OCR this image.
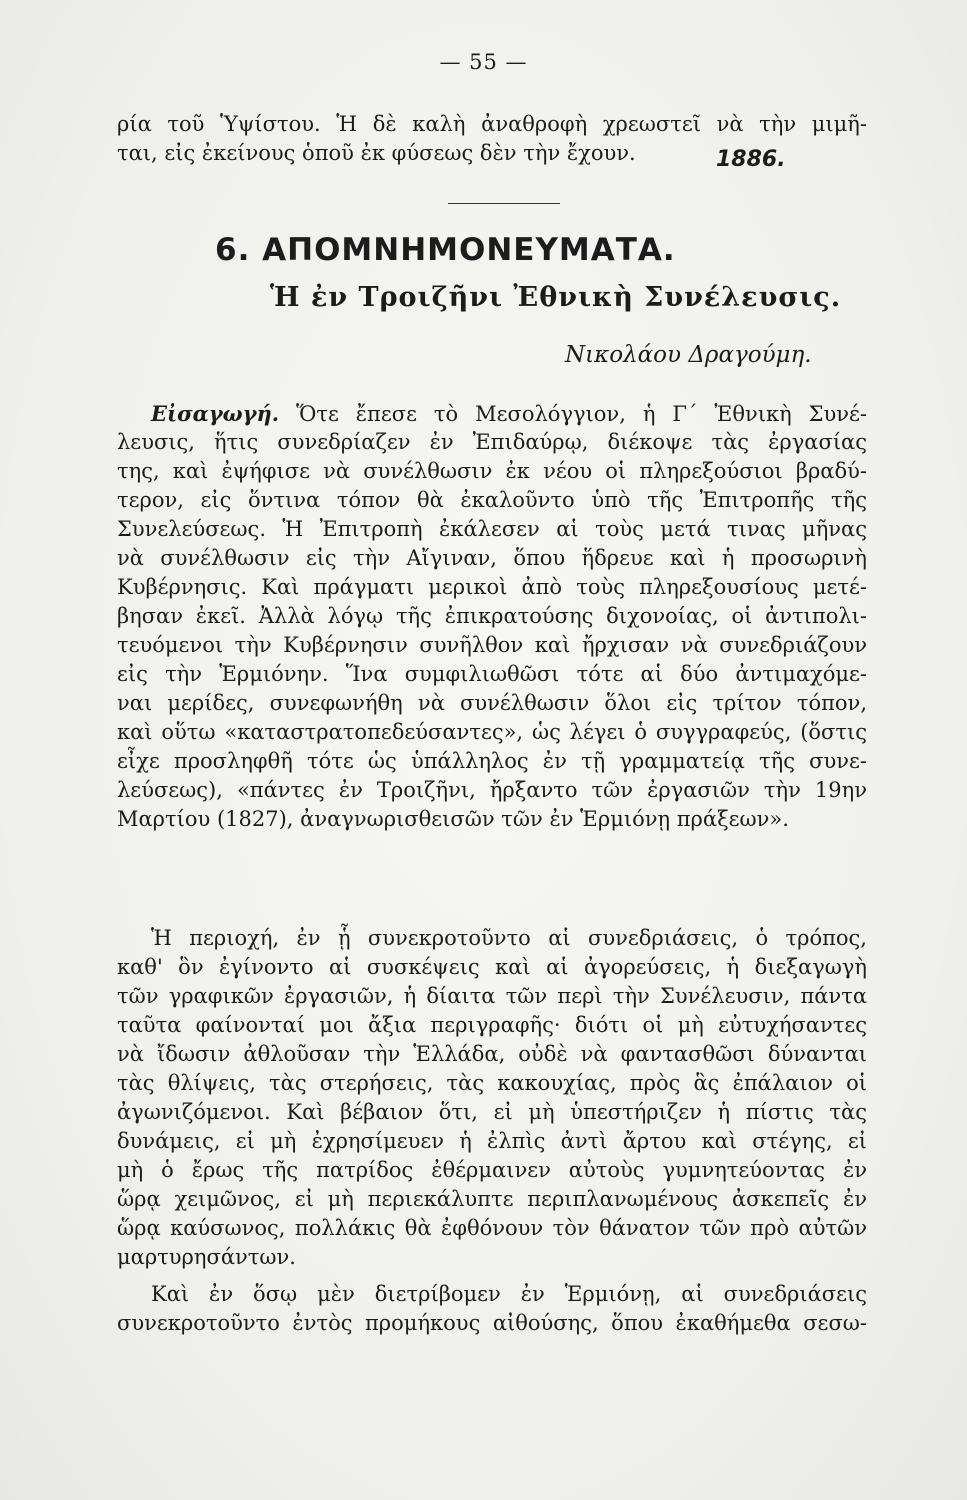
— 55 —
ρία τοῦ Ὑψίστου. Ἡ δὲ καλὴ ἀναθροφὴ χρεωστεῖ νὰ τὴν μιμῆ-
ται, εἰς ἐκείνους ὁποῦ ἐκ φύσεως δὲν τὴν ἔχουν.	1886.
6. ΑΠΟΜΝΗΜΟΝΕΥΜΑΤΑ.
Ἡ ἐν Τροιζῆνι Ἐθνικὴ Συνέλευσις.
Νικολάου Δραγούμη.
Εἰσαγωγή. Ὅτε ἔπεσε τὸ Μεσολόγγιον, ἡ Γ΄ Ἐθνικὴ Συνέ-
λευσις, ἥτις συνεδρίαζεν ἐν Ἐπιδαύρῳ, διέκοψε τὰς ἐργασίας
της, καὶ ἐψήφισε νὰ συνέλθωσιν ἐκ νέου οἱ πληρεξούσιοι βραδύ-
τερον, εἰς ὅντινα τόπον θὰ ἐκαλοῦντο ὑπὸ τῆς Ἐπιτροπῆς τῆς
Συνελεύσεως. Ἡ Ἐπιτροπὴ ἐκάλεσεν αἱ τοὺς μετά τινας μῆνας
νὰ συνέλθωσιν εἰς τὴν Αἴγιναν, ὅπου ἥδρευε καὶ ἡ προσωρινὴ
Κυβέρνησις. Καὶ πράγματι μερικοὶ ἀπὸ τοὺς πληρεξουσίους μετέ-
βησαν ἐκεῖ. Ἀλλὰ λόγῳ τῆς ἐπικρατούσης διχονοίας, οἱ ἀντιπολι-
τευόμενοι τὴν Κυβέρνησιν συνῆλθον καὶ ἤρχισαν νὰ συνεδριάζουν
εἰς τὴν Ἑρμιόνην. Ἵνα συμφιλιωθῶσι τότε αἱ δύο ἀντιμαχόμε-
ναι μερίδες, συνεφωνήθη νὰ συνέλθωσιν ὅλοι εἰς τρίτον τόπον,
καὶ οὕτω «καταστρατοπεδεύσαντες», ὡς λέγει ὁ συγγραφεύς, (ὅστις
εἶχε προσληφθῆ τότε ὡς ὑπάλληλος ἐν τῇ γραμματείᾳ τῆς συνε-
λεύσεως), «πάντες ἐν Τροιζῆνι, ἤρξαντο τῶν ἐργασιῶν τὴν 19ην
Μαρτίου (1827), ἀναγνωρισθεισῶν τῶν ἐν Ἑρμιόνῃ πράξεων».
Ἡ περιοχή, ἐν ᾗ συνεκροτοῦντο αἱ συνεδριάσεις, ὁ τρόπος,
καθ' ὃν ἐγίνοντο αἱ συσκέψεις καὶ αἱ ἀγορεύσεις, ἡ διεξαγωγὴ
τῶν γραφικῶν ἐργασιῶν, ἡ δίαιτα τῶν περὶ τὴν Συνέλευσιν, πάντα
ταῦτα φαίνονταί μοι ἄξια περιγραφῆς· διότι οἱ μὴ εὐτυχήσαντες
νὰ ἴδωσιν ἀθλοῦσαν τὴν Ἑλλάδα, οὐδὲ νὰ φαντασθῶσι δύνανται
τὰς θλίψεις, τὰς στερήσεις, τὰς κακουχίας, πρὸς ἃς ἐπάλαιον οἱ
ἀγωνιζόμενοι. Καὶ βέβαιον ὅτι, εἰ μὴ ὑπεστήριζεν ἡ πίστις τὰς
δυνάμεις, εἰ μὴ ἐχρησίμευεν ἡ ἐλπὶς ἀντὶ ἄρτου καὶ στέγης, εἰ
μὴ ὁ ἔρως τῆς πατρίδος ἐθέρμαινεν αὐτοὺς γυμνητεύοντας ἐν
ὥρᾳ χειμῶνος, εἰ μὴ περιεκάλυπτε περιπλανωμένους ἀσκεπεῖς ἐν
ὥρᾳ καύσωνος, πολλάκις θὰ ἐφθόνουν τὸν θάνατον τῶν πρὸ αὐτῶν
μαρτυρησάντων.
Καὶ ἐν ὅσῳ μὲν διετρίβομεν ἐν Ἑρμιόνῃ, αἱ συνεδριάσεις
συνεκροτοῦντο ἐντὸς προμήκους αἰθούσης, ὅπου ἐκαθήμεθα σεσω-
